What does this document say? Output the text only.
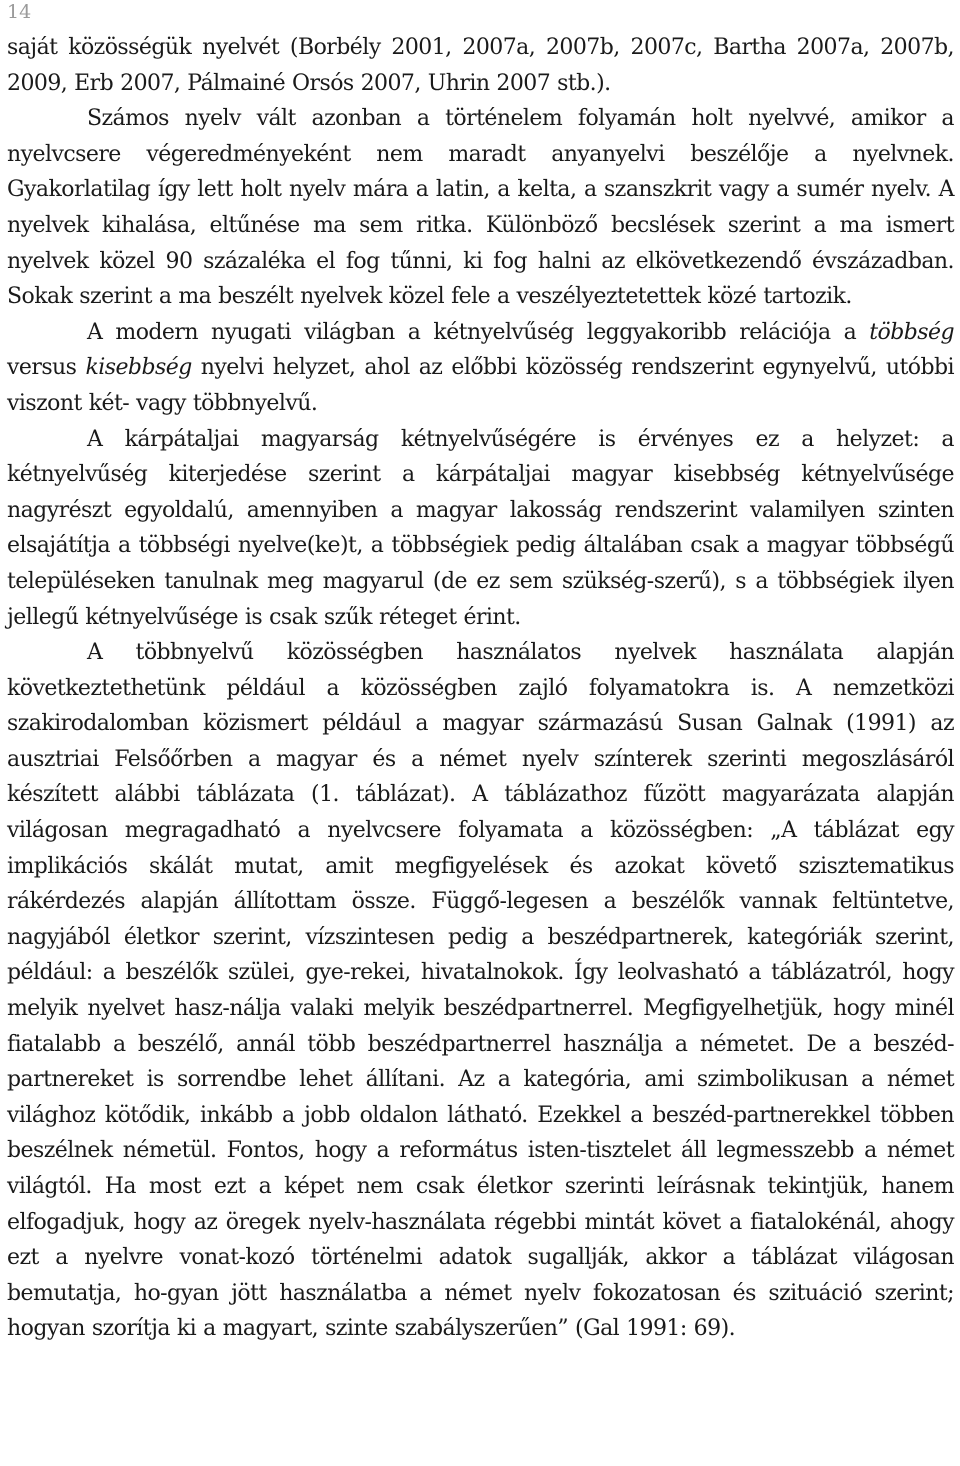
14

saját közösségük nyelvét (Borbély 2001, 2007a, 2007b, 2007c, Bartha 2007a, 2007b, 2009, Erb 2007, Pálmainé Orsós 2007, Uhrin 2007 stb.).

Számos nyelv vált azonban a történelem folyamán holt nyelvvé, amikor a nyelvcsere végeredményeként nem maradt anyanyelvi beszélője a nyelvnek. Gyakorlatilag így lett holt nyelv mára a latin, a kelta, a szanszkrit vagy a sumér nyelv. A nyelvek kihalása, eltűnése ma sem ritka. Különböző becslések szerint a ma ismert nyelvek közel 90 százaléka el fog tűnni, ki fog halni az elkövetkezendő évszázadban. Sokak szerint a ma beszélt nyelvek közel fele a veszélyeztetettek közé tartozik.

A modern nyugati világban a kétnyelvűség leggyakoribb relációja a többség versus kisebbség nyelvi helyzet, ahol az előbbi közösség rendszerint egynyelvű, utóbbi viszont két- vagy többnyelvű.

A kárpátaljai magyarság kétnyelvűségére is érvényes ez a helyzet: a kétnyelvűség kiterjedése szerint a kárpátaljai magyar kisebbség kétnyelvűsége nagyrészt egyoldalú, amennyiben a magyar lakosság rendszerint valamilyen szinten elsajátítja a többségi nyelve(ke)t, a többségiek pedig általában csak a magyar többségű településeken tanulnak meg magyarul (de ez sem szükség-szerű), s a többségiek ilyen jellegű kétnyelvűsége is csak szűk réteget érint.

A többnyelvű közösségben használatos nyelvek használata alapján következtethetünk például a közösségben zajló folyamatokra is. A nemzetközi szakirodalomban közismert például a magyar származású Susan Galnak (1991) az ausztriai Felsőőrben a magyar és a német nyelv színterek szerinti megoszlásáról készített alábbi táblázata (1. táblázat). A táblázathoz fűzött magyarázata alapján világosan megragadható a nyelvcsere folyamata a közösségben: „A táblázat egy implikációs skálát mutat, amit megfigyelések és azokat követő szisztematikus rákérdezés alapján állítottam össze. Függő-legesen a beszélők vannak feltüntetve, nagyjából életkor szerint, vízszintesen pedig a beszédpartnerek, kategóriák szerint, például: a beszélők szülei, gye-rekei, hivatalnokok. Így leolvasható a táblázatról, hogy melyik nyelvet hasz-nálja valaki melyik beszédpartnerrel. Megfigyelhetjük, hogy minél fiatalabb a beszélő, annál több beszédpartnerrel használja a németet. De a beszéd-partnereket is sorrendbe lehet állítani. Az a kategória, ami szimbolikusan a német világhoz kötődik, inkább a jobb oldalon látható. Ezekkel a beszéd-partnerekkel többen beszélnek németül. Fontos, hogy a református isten-tisztelet áll legmesszebb a német világtól. Ha most ezt a képet nem csak életkor szerinti leírásnak tekintjük, hanem elfogadjuk, hogy az öregek nyelv-használata régebbi mintát követ a fiatalokénál, ahogy ezt a nyelvre vonat-kozó történelmi adatok sugallják, akkor a táblázat világosan bemutatja, ho-gyan jött használatba a német nyelv fokozatosan és szituáció szerint; hogyan szorítja ki a magyart, szinte szabályszerűen” (Gal 1991: 69).
